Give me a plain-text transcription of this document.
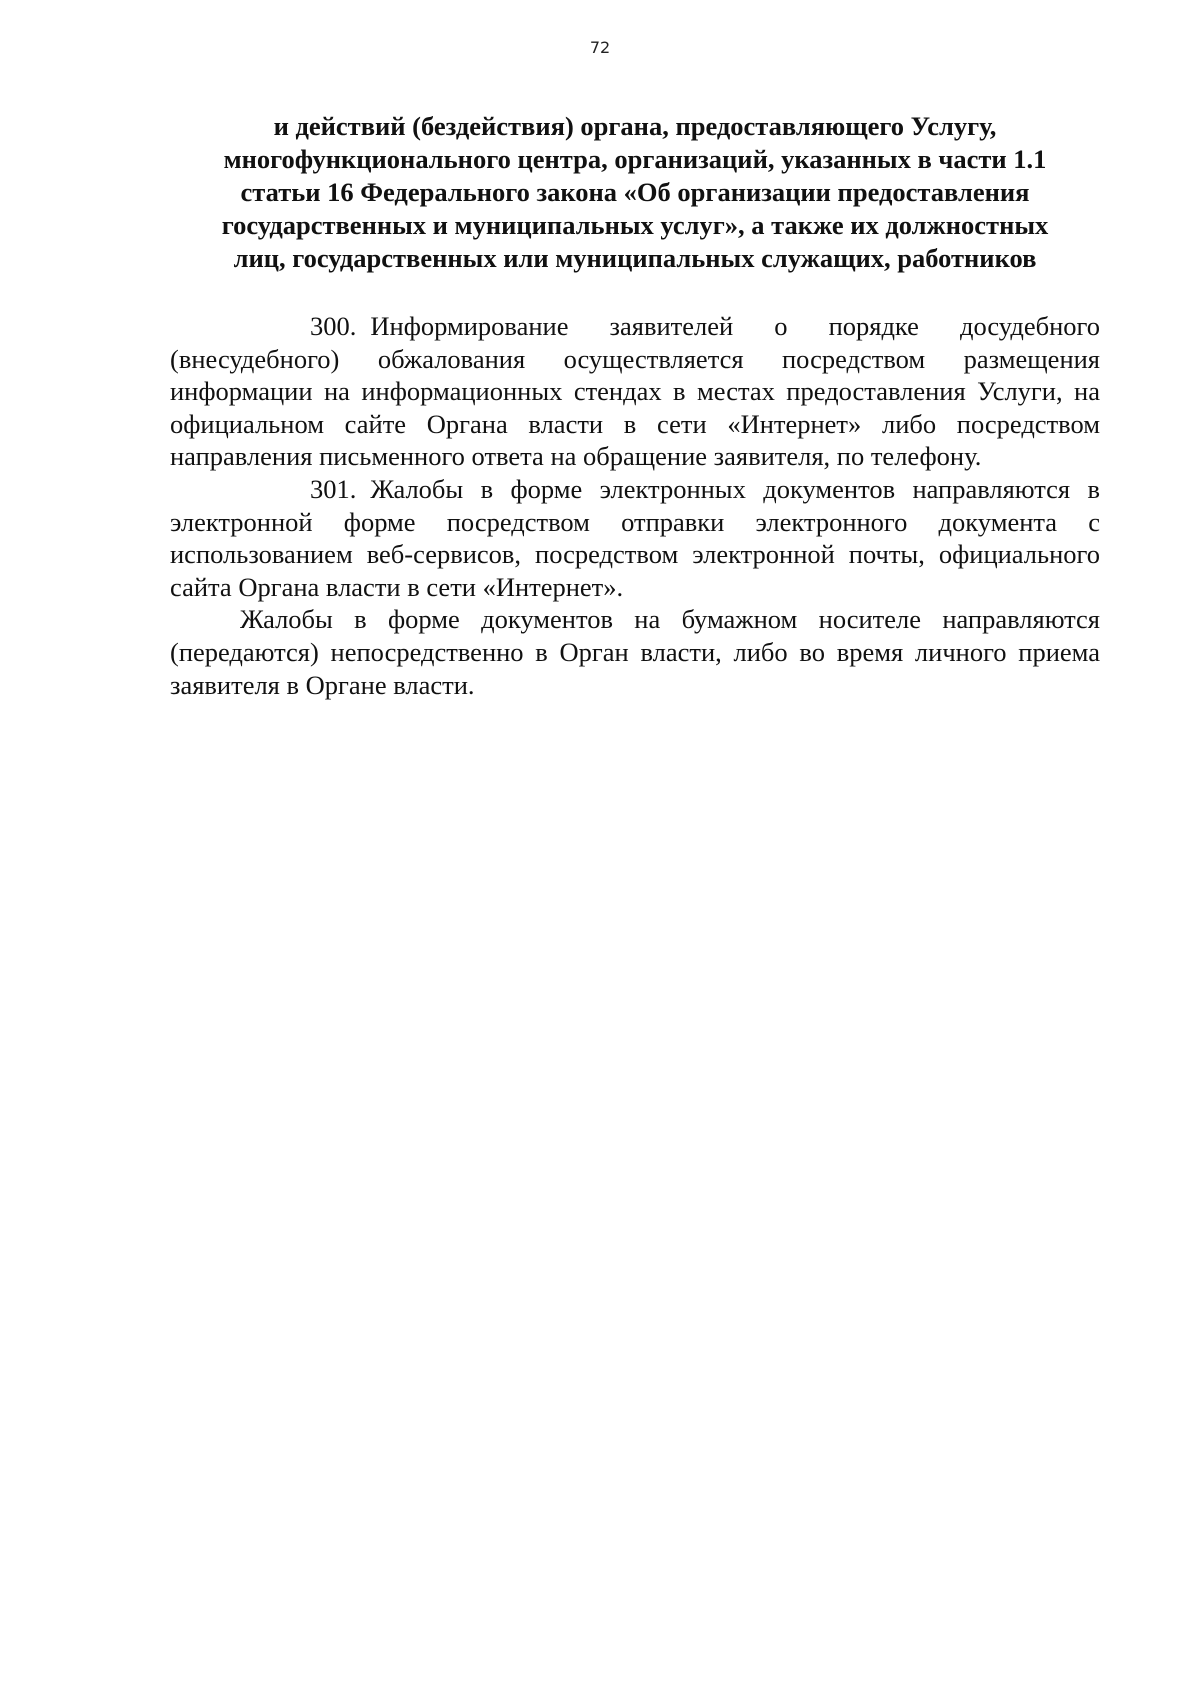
72
и действий (бездействия) органа, предоставляющего Услугу,
многофункционального центра, организаций, указанных в части 1.1
статьи 16 Федерального закона «Об организации предоставления
государственных и муниципальных услуг», а также их должностных
лиц, государственных или муниципальных служащих, работников

300. Информирование заявителей о порядке досудебного (внесудебного) обжалования осуществляется посредством размещения информации на информационных стендах в местах предоставления Услуги, на официальном сайте Органа власти в сети «Интернет» либо посредством направления письменного ответа на обращение заявителя, по телефону.

301. Жалобы в форме электронных документов направляются в электронной форме посредством отправки электронного документа с использованием веб-сервисов, посредством электронной почты, официального сайта Органа власти в сети «Интернет».

Жалобы в форме документов на бумажном носителе направляются (передаются) непосредственно в Орган власти, либо во время личного приема заявителя в Органе власти.
